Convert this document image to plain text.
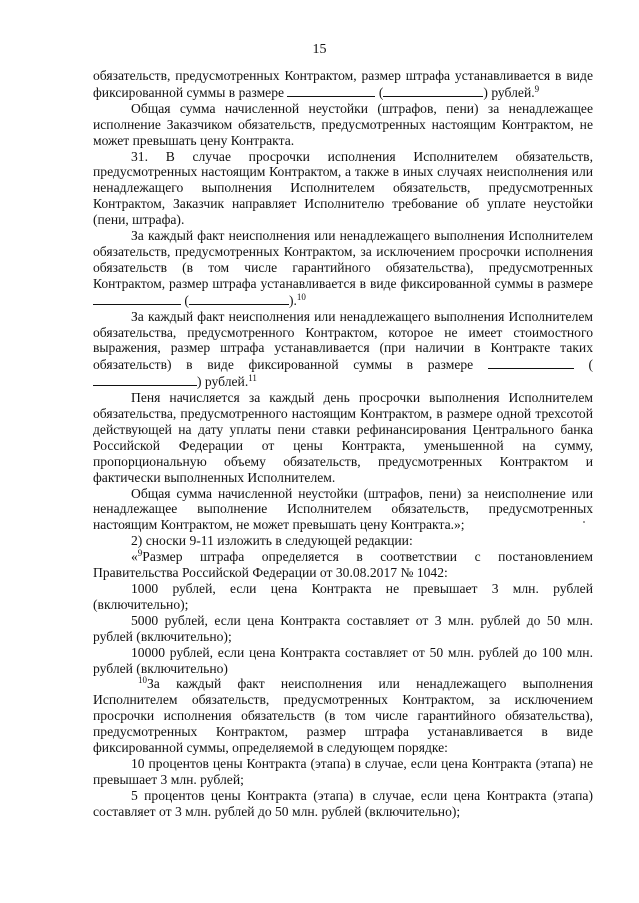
15

обязательств, предусмотренных Контрактом, размер штрафа устанавливается в виде фиксированной суммы в размере	(	) рублей.$^9$

Общая сумма начисленной неустойки (штрафов, пени) за ненадлежащее исполнение Заказчиком обязательств, предусмотренных настоящим Контрактом, не может превышать цену Контракта.

31. В случае просрочки исполнения Исполнителем обязательств, предусмотренных настоящим Контрактом, а также в иных случаях неисполнения или ненадлежащего выполнения Исполнителем обязательств, предусмотренных Контрактом, Заказчик направляет Исполнителю требование об уплате неустойки (пени, штрафа).

За каждый факт неисполнения или ненадлежащего выполнения Исполнителем обязательств, предусмотренных Контрактом, за исключением просрочки исполнения обязательств (в том числе гарантийного обязательства), предусмотренных Контрактом, размер штрафа устанавливается в виде фиксированной суммы в размере  (	).$^{10}$

За каждый факт неисполнения или ненадлежащего выполнения Исполнителем обязательства, предусмотренного Контрактом, которое не имеет стоимостного выражения, размер штрафа устанавливается (при наличии в Контракте таких обязательств) в виде фиксированной суммы в размере	() рублей.$^{11}$

Пеня начисляется за каждый день просрочки выполнения Исполнителем обязательства, предусмотренного настоящим Контрактом, в размере одной трехсотой действующей на дату уплаты пени ставки рефинансирования Центрального банка Российской Федерации от цены Контракта, уменьшенной на сумму, пропорциональную объему обязательств, предусмотренных Контрактом и фактически выполненных Исполнителем.

Общая сумма начисленной неустойки (штрафов, пени) за неисполнение или ненадлежащее выполнение Исполнителем обязательств, предусмотренных настоящим Контрактом, не может превышать цену Контракта.»;

2) сноски 9-11 изложить в следующей редакции:

«$^9$Размер штрафа определяется в соответствии с постановлением Правительства Российской Федерации от 30.08.2017 № 1042:

1000 рублей, если цена Контракта не превышает 3 млн. рублей (включительно);

5000 рублей, если цена Контракта составляет от 3 млн. рублей до 50 млн. рублей (включительно);

10000 рублей, если цена Контракта составляет от 50 млн. рублей до 100 млн. рублей (включительно)

$^{10}$За каждый факт неисполнения или ненадлежащего выполнения Исполнителем обязательств, предусмотренных Контрактом, за исключением просрочки исполнения обязательств (в том числе гарантийного обязательства), предусмотренных Контрактом, размер штрафа устанавливается в виде фиксированной суммы, определяемой в следующем порядке:

10 процентов цены Контракта (этапа) в случае, если цена Контракта (этапа) не превышает 3 млн. рублей;

5 процентов цены Контракта (этапа) в случае, если цена Контракта (этапа) составляет от 3 млн. рублей до 50 млн. рублей (включительно);
